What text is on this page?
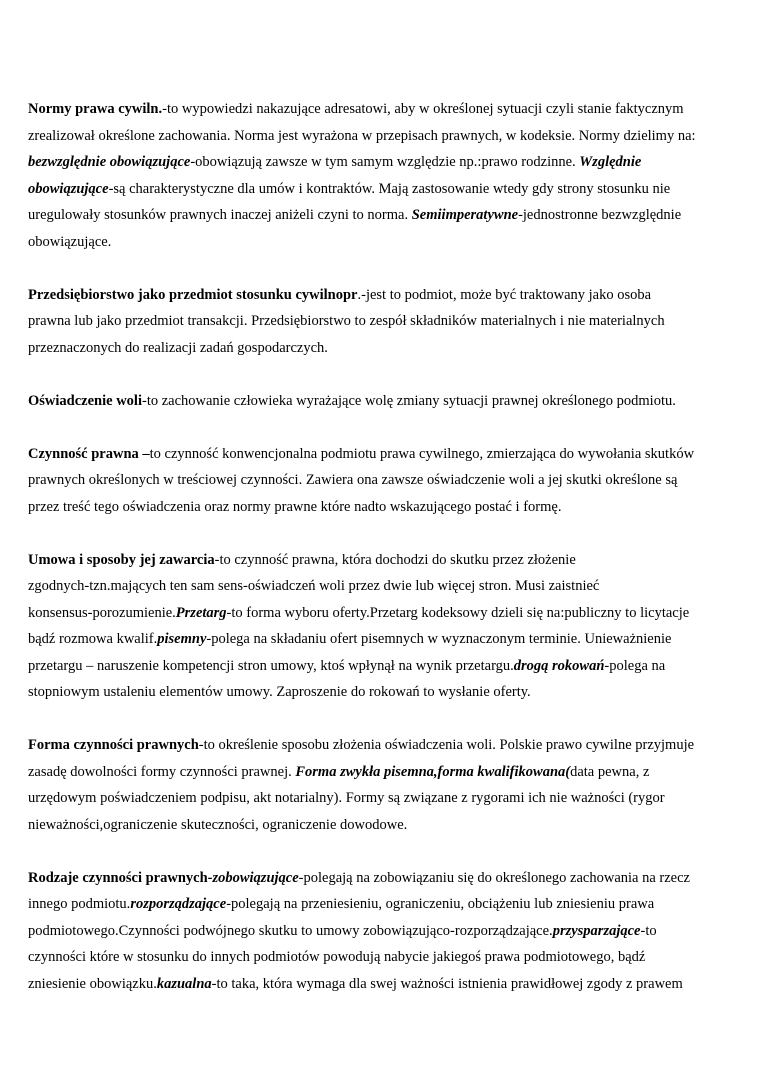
Normy prawa cywiln.-to wypowiedzi nakazujące adresatowi, aby w określonej sytuacji czyli stanie faktycznym
zrealizował określone zachowania. Norma jest wyrażona w przepisach prawnych, w kodeksie. Normy dzielimy na:
bezwzględnie obowiązujące-obowiązują zawsze w tym samym względzie np.:prawo rodzinne. Względnie
obowiązujące-są charakterystyczne dla umów i kontraktów. Mają zastosowanie wtedy gdy strony stosunku nie
uregulowały stosunków prawnych inaczej aniżeli czyni to norma. Semiimperatywne-jednostronne bezwzględnie
obowiązujące.

Przedsiębiorstwo jako przedmiot stosunku cywilnopr.-jest to podmiot, może być traktowany jako osoba
prawna lub jako przedmiot transakcji. Przedsiębiorstwo to zespół składników materialnych i nie materialnych
przeznaczonych do realizacji zadań gospodarczych.

Oświadczenie woli-to zachowanie człowieka wyrażające wolę zmiany sytuacji prawnej określonego podmiotu.

Czynność prawna –to czynność konwencjonalna podmiotu prawa cywilnego, zmierzająca do wywołania skutków
prawnych określonych w treściowej czynności. Zawiera ona zawsze oświadczenie woli a jej skutki określone są
przez treść tego oświadczenia oraz normy prawne które nadto wskazującego postać i formę.

Umowa i sposoby jej zawarcia-to czynność prawna, która dochodzi do skutku przez złożenie
zgodnych-tzn.mających ten sam sens-oświadczeń woli przez dwie lub więcej stron. Musi zaistnieć
konsensus-porozumienie.Przetarg-to forma wyboru oferty.Przetarg kodeksowy dzieli się na:publiczny to licytacje
bądź rozmowa kwalif.pisemny-polega na składaniu ofert pisemnych w wyznaczonym terminie. Unieważnienie
przetargu – naruszenie kompetencji stron umowy, ktoś wpłynął na wynik przetargu.drogą rokowań-polega na
stopniowym ustaleniu elementów umowy. Zaproszenie do rokowań to wysłanie oferty.

Forma czynności prawnych-to określenie sposobu złożenia oświadczenia woli. Polskie prawo cywilne przyjmuje
zasadę dowolności formy czynności prawnej. Forma zwykła pisemna,forma kwalifikowana(data pewna, z
urzędowym poświadczeniem podpisu, akt notarialny). Formy są związane z rygorami ich nie ważności (rygor
nieważności,ograniczenie skuteczności, ograniczenie dowodowe.

Rodzaje czynności prawnych-zobowiązujące-polegają na zobowiązaniu się do określonego zachowania na rzecz
innego podmiotu.rozporządzające-polegają na przeniesieniu, ograniczeniu, obciążeniu lub zniesieniu prawa
podmiotowego.Czynności podwójnego skutku to umowy zobowiązująco-rozporządzające.przysparzające-to
czynności które w stosunku do innych podmiotów powodują nabycie jakiegoś prawa podmiotowego, bądź
zniesienie obowiązku.kazualna-to taka, która wymaga dla swej ważności istnienia prawidłowej zgody z prawem
